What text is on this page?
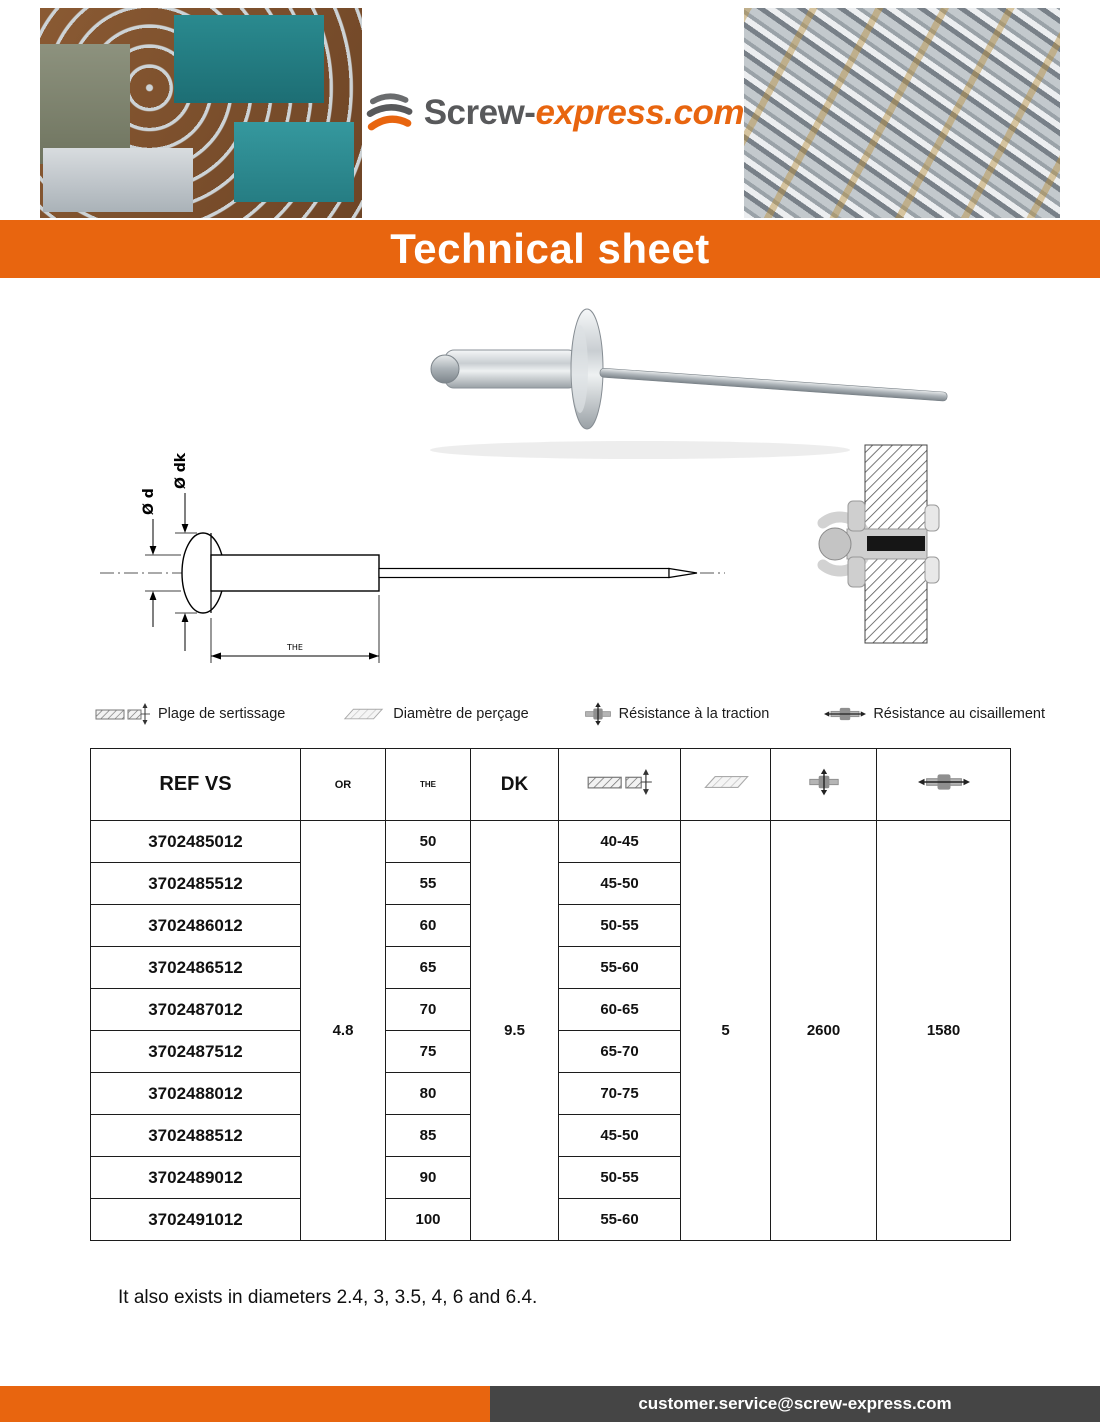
Screw-express.com
Technical sheet
Ø d
Ø dk
THE
Plage de sertissage	Diamètre de perçage	Résistance à la traction	Résistance au cisaillement
REF VS	OR	THE	DK				
3702485012	4.8	50	9.5	40-45	5	2600	1580
3702485512		55		45-50			
3702486012		60		50-55			
3702486512		65		55-60			
3702487012		70		60-65			
3702487512		75		65-70			
3702488012		80		70-75			
3702488512		85		45-50			
3702489012		90		50-55			
3702491012		100		55-60			

It also exists in diameters 2.4, 3, 3.5, 4, 6 and 6.4.

customer.service@screw-express.com
